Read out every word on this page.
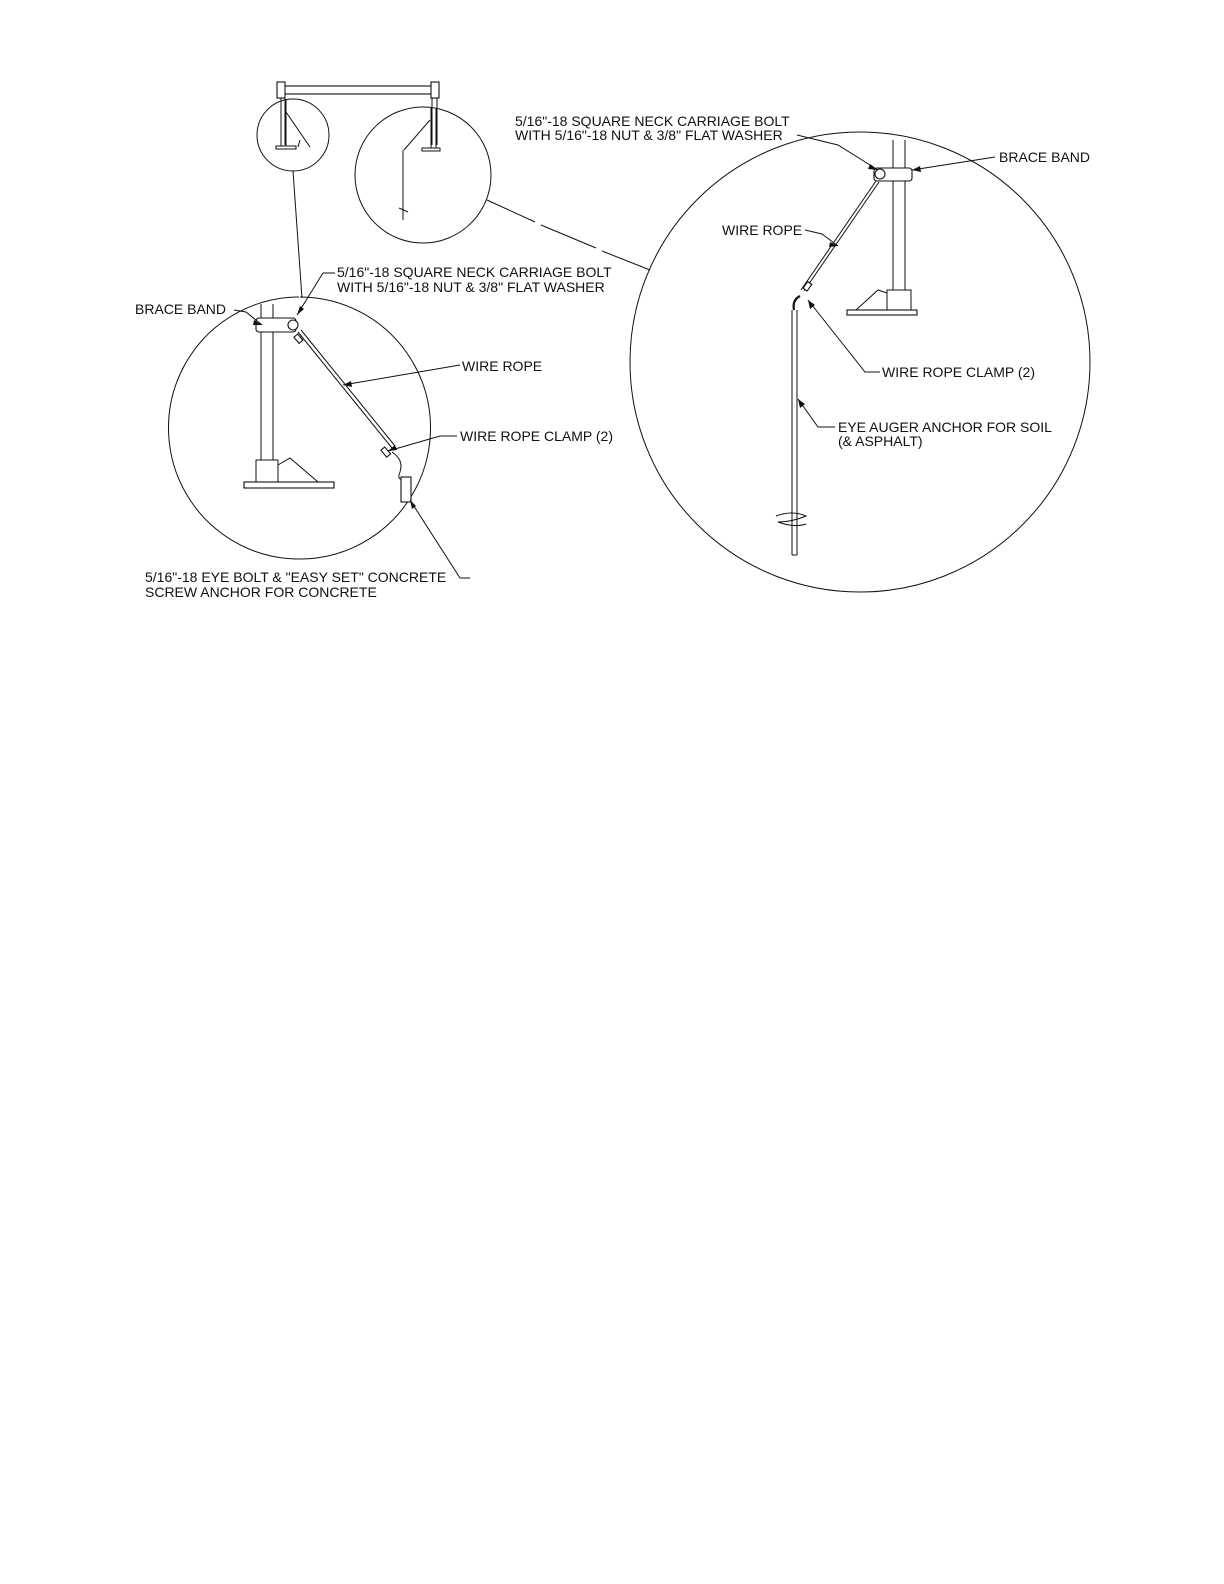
5/16"-18 SQUARE NECK CARRIAGE BOLT
WITH 5/16"-18 NUT & 3/8" FLAT WASHER
BRACE BAND
WIRE ROPE
WIRE ROPE CLAMP (2)
EYE AUGER ANCHOR FOR SOIL
(& ASPHALT)
5/16"-18 SQUARE NECK CARRIAGE BOLT
WITH 5/16"-18 NUT & 3/8" FLAT WASHER
BRACE BAND
WIRE ROPE
WIRE ROPE CLAMP (2)
5/16"-18 EYE BOLT & "EASY SET" CONCRETE
SCREW ANCHOR FOR CONCRETE
